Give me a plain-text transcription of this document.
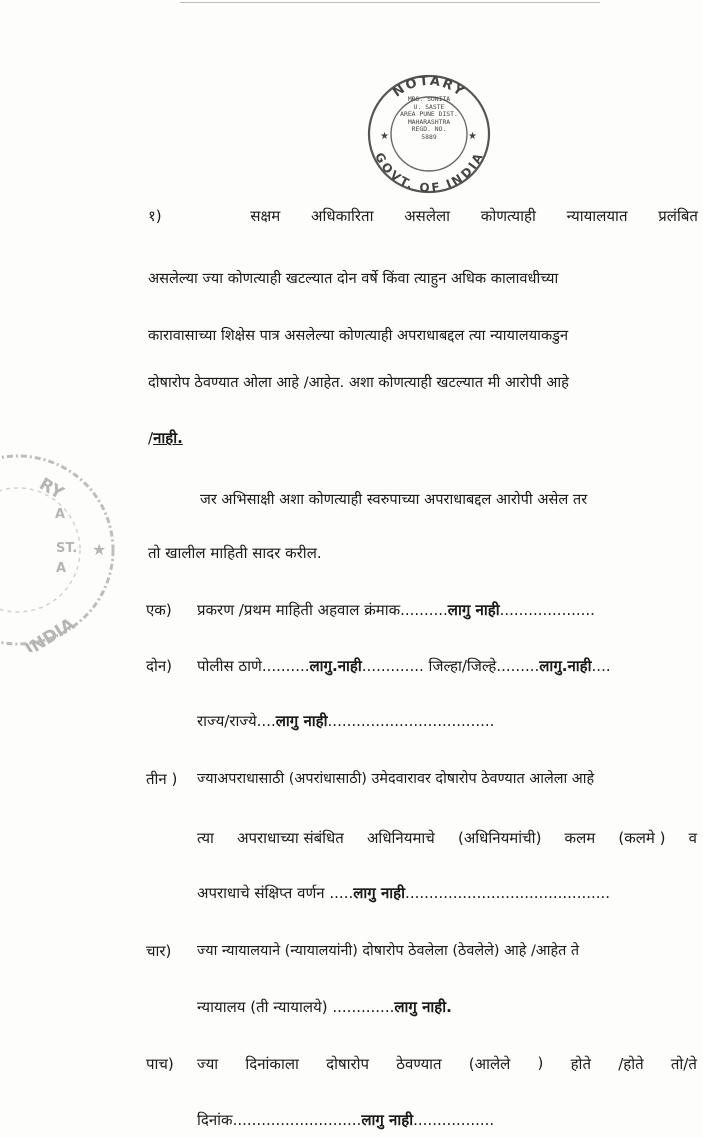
NOTARY
GOVT. OF INDIA
★	★
MRS. SUNITA
U. SASTE
AREA PUNE DIST.
MAHARASHTRA
REGD. NO.
5889
RY
A
ST.
A
★
INDIA
१)	सक्षम अधिकारिता असलेला कोणत्याही न्यायालयात प्रलंबित
असलेल्या ज्या कोणत्याही खटल्यात दोन वर्षे किंवा त्याहुन अधिक कालावधीच्या
कारावासाच्या शिक्षेस पात्र असलेल्या कोणत्याही अपराधाबद्दल त्या न्यायालयाकडुन
दोषारोप ठेवण्यात ओला आहे /आहेत. अशा कोणत्याही खटल्यात मी आरोपी आहे
/नाही.
जर अभिसाक्षी अशा कोणत्याही स्वरुपाच्या अपराधाबद्दल आरोपी असेल तर
तो खालील माहिती सादर करील.
एक) प्रकरण /प्रथम माहिती अहवाल क्रंमाक..........लागु नाही....................
दोन) पोलीस ठाणे..........लागु.नाही............. जिल्हा/जिल्हे.........लागु.नाही....
राज्य/राज्ये....लागु नाही...................................
तीन ) ज्याअपराधासाठी (अपरांधासाठी) उमेदवारावर दोषारोप ठेवण्यात आलेला आहे
त्या अपराधाच्या संबंधित अधिनियमाचे (अधिनियमांची) कलम (कलमे ) व
अपराधाचे संक्षिप्त वर्णन .....लागु नाही...........................................
चार) ज्या न्यायालयाने (न्यायालयांनी) दोषारोप ठेवलेला (ठेवलेले) आहे /आहेत ते
न्यायालय (ती न्यायालये) .............लागु नाही.
पाच) ज्या दिनांकाला दोषारोप ठेवण्यात (आलेले ) होते /होते तो/ते
दिनांक...........................लागु नाही.................
